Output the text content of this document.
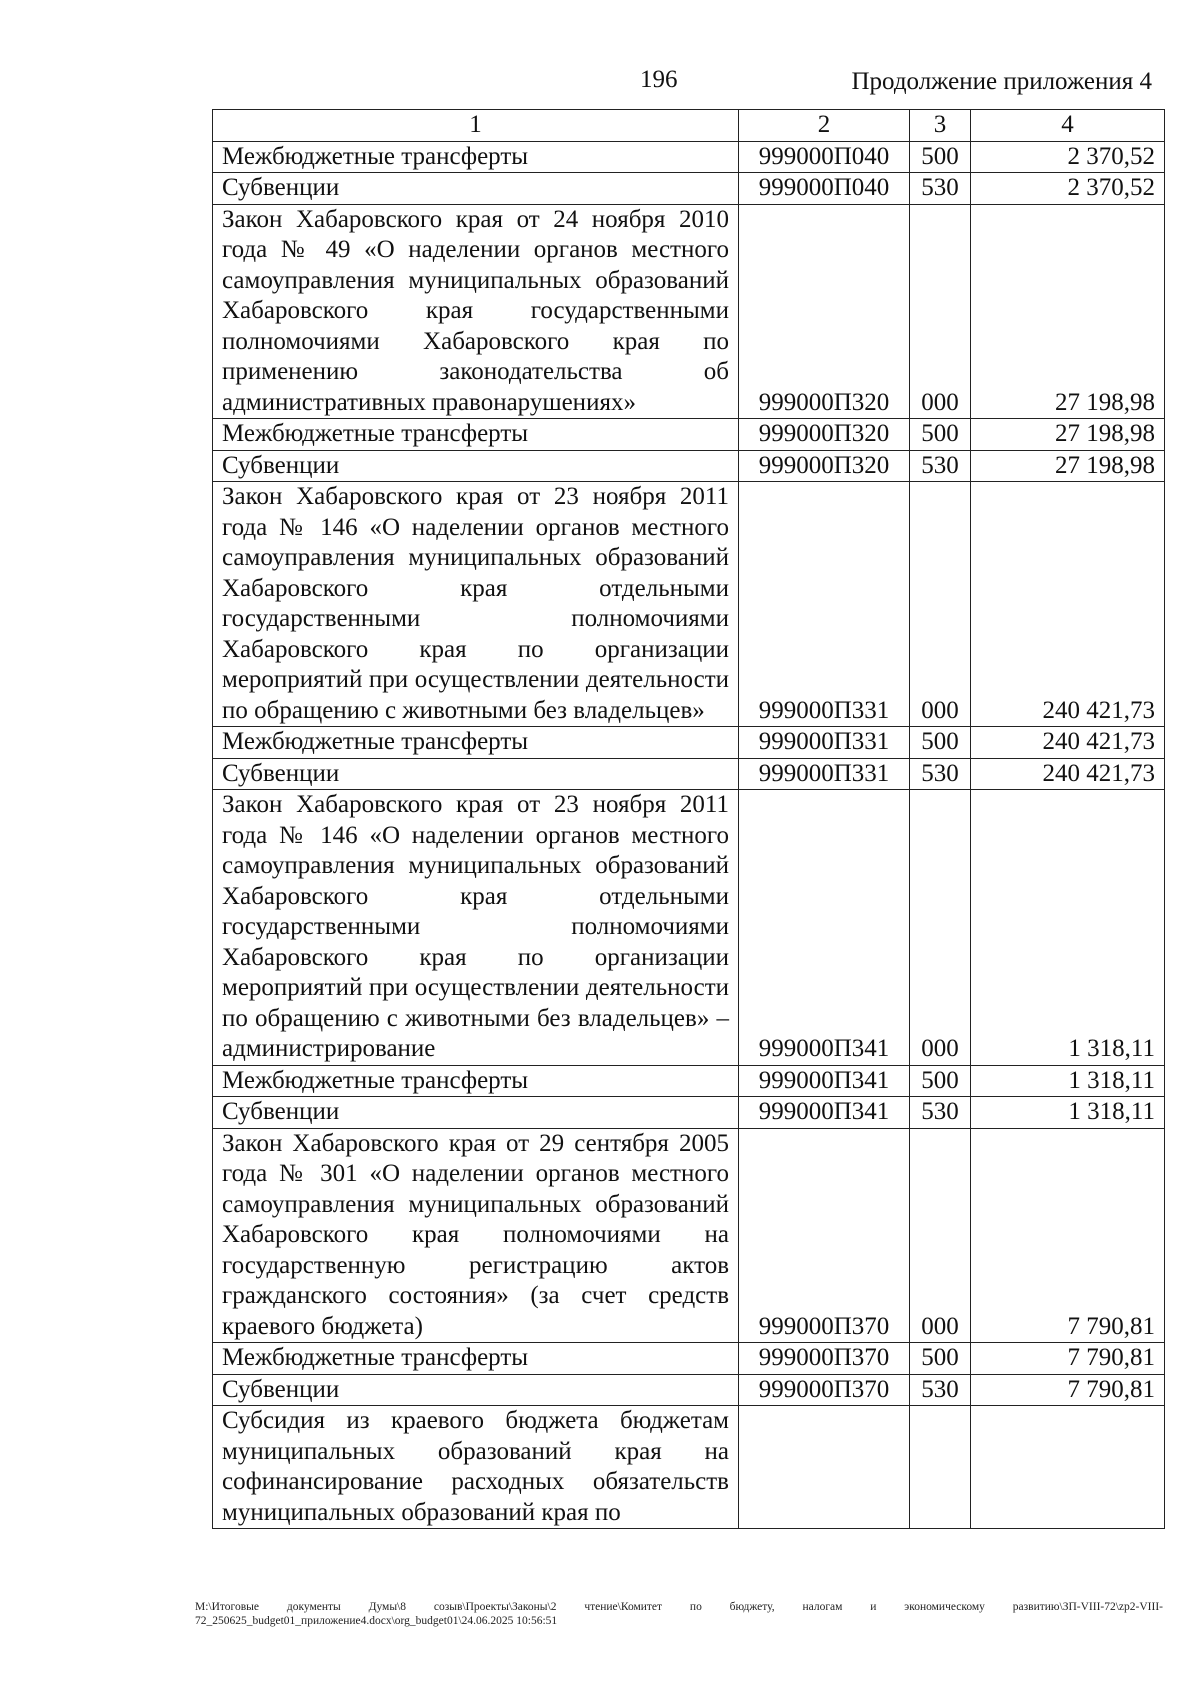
196	Продолжение приложения 4
1	2	3	4
Межбюджетные трансферты	999000П040	500	2 370,52
Субвенции	999000П040	530	2 370,52
Закон Хабаровского края от 24 ноября 2010 года № 49 «О наделении органов местного самоуправления муниципальных образований Хабаровского края государственными полномочиями Хабаровского края по применению законодательства об административных правонарушениях»	999000П320	000	27 198,98
Межбюджетные трансферты	999000П320	500	27 198,98
Субвенции	999000П320	530	27 198,98
Закон Хабаровского края от 23 ноября 2011 года № 146 «О наделении органов местного самоуправления муниципальных образований Хабаровского края отдельными государственными полномочиями Хабаровского края по организации мероприятий при осуществлении деятельности по обращению с животными без владельцев»	999000П331	000	240 421,73
Межбюджетные трансферты	999000П331	500	240 421,73
Субвенции	999000П331	530	240 421,73
Закон Хабаровского края от 23 ноября 2011 года № 146 «О наделении органов местного самоуправления муниципальных образований Хабаровского края отдельными государственными полномочиями Хабаровского края по организации мероприятий при осуществлении деятельности по обращению с животными без владельцев» – администрирование	999000П341	000	1 318,11
Межбюджетные трансферты	999000П341	500	1 318,11
Субвенции	999000П341	530	1 318,11
Закон Хабаровского края от 29 сентября 2005 года № 301 «О наделении органов местного самоуправления муниципальных образований Хабаровского края полномочиями на государственную регистрацию актов гражданского состояния» (за счет средств краевого бюджета)	999000П370	000	7 790,81
Межбюджетные трансферты	999000П370	500	7 790,81
Субвенции	999000П370	530	7 790,81
Субсидия из краевого бюджета бюджетам муниципальных образований края на софинансирование расходных обязательств муниципальных образований края по			
М:\Итоговые документы Думы\8 созыв\Проекты\Законы\2 чтение\Комитет по бюджету, налогам и экономическому развитию\ЗП-VIII-72\zp2-VIII-72_250625_budget01_приложение4.docx\org_budget01\24.06.2025 10:56:51
